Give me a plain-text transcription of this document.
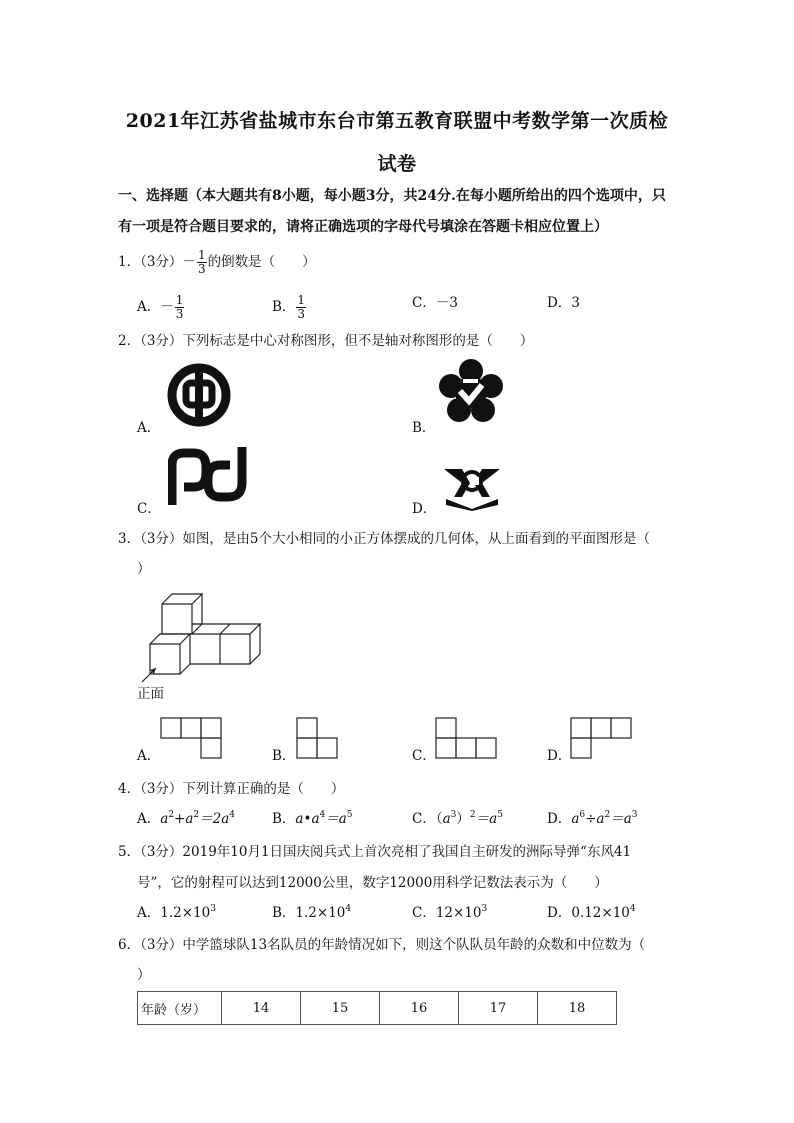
2021年江苏省盐城市东台市第五教育联盟中考数学第一次质检
试卷
一、选择题（本大题共有8小题，每小题3分，共24分.在每小题所给出的四个选项中，只
有一项是符合题目要求的，请将正确选项的字母代号填涂在答题卡相应位置上）
1．（3分）－ $\frac{1}{3}$ 的倒数是（　　）
A．－ $\frac{1}{3}$	B． $\frac{1}{3}$	C．－3	D．3
2．（3分）下列标志是中心对称图形，但不是轴对称图形的是（　　）
A．	B．
C．	D．
3．（3分）如图，是由5个大小相同的小正方体摆成的几何体，从上面看到的平面图形是（
）
正面
A．	B．	C．	D．
4．（3分）下列计算正确的是（　　）
A．$a^2+a^2=2a^4$	B．$a•a^4=a^5$	C．$(a^3)^2=a^5$	D．$a^6\div a^2=a^3$
5．（3分）2019年10月1日国庆阅兵式上首次亮相了我国自主研发的洲际导弹“东风41
号”，它的射程可以达到12000公里，数字12000用科学记数法表示为（　　）
A．$1.2\times 10^3$	B．$1.2\times 10^4$	C．$12\times 10^3$	D．$0.12\times 10^4$
6．（3分）中学篮球队13名队员的年龄情况如下，则这个队队员年龄的众数和中位数为（
）
年龄（岁）	14	15	16	17	18
